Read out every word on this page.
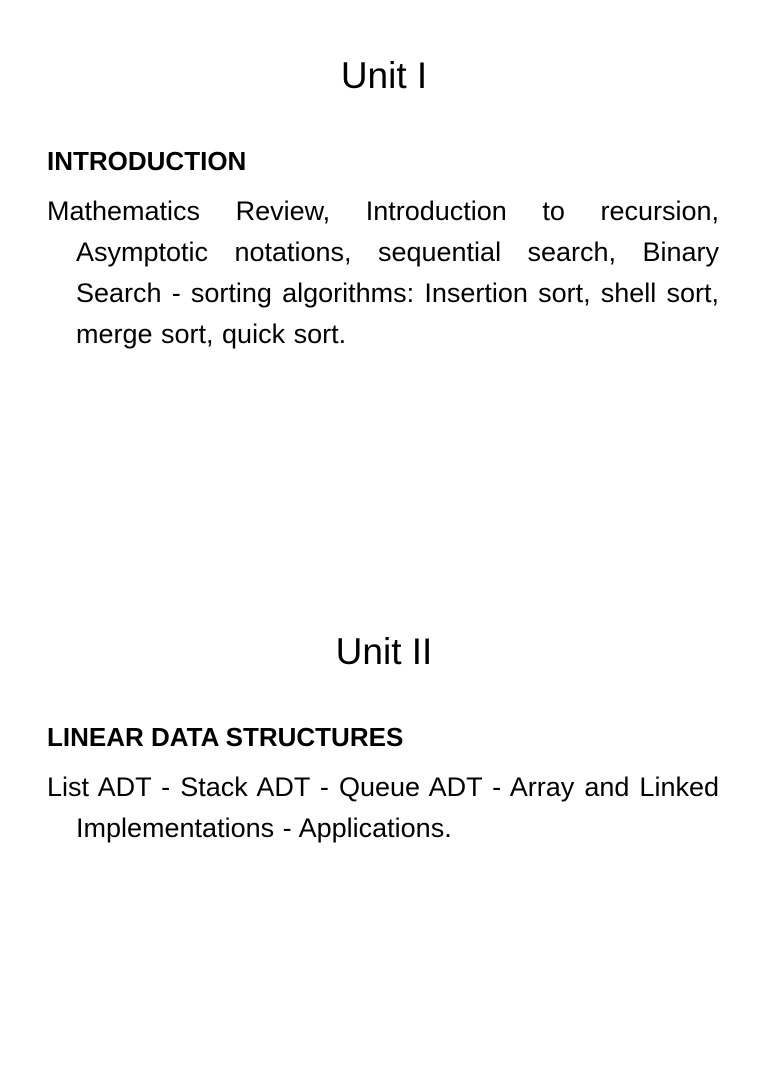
Unit I
INTRODUCTION

Mathematics Review, Introduction to recursion, Asymptotic notations, sequential search, Binary Search - sorting algorithms: Insertion sort, shell sort, merge sort, quick sort.

Unit II
LINEAR DATA STRUCTURES

List ADT - Stack ADT - Queue ADT - Array and Linked Implementations - Applications.
